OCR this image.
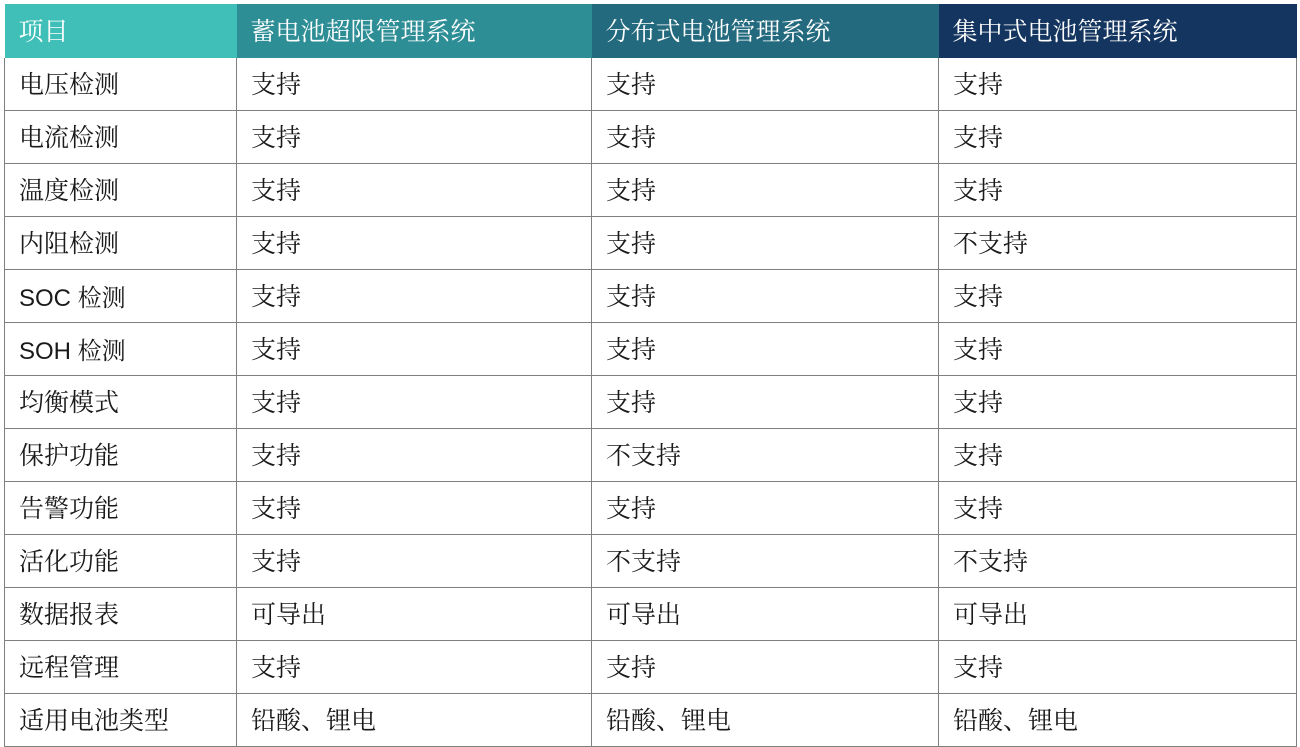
项目	蓄电池超限管理系统	分布式电池管理系统	集中式电池管理系统
电压检测	支持	支持	支持
电流检测	支持	支持	支持
温度检测	支持	支持	支持
内阻检测	支持	支持	不支持
SOC 检测	支持	支持	支持
SOH 检测	支持	支持	支持
均衡模式	支持	支持	支持
保护功能	支持	不支持	支持
告警功能	支持	支持	支持
活化功能	支持	不支持	不支持
数据报表	可导出	可导出	可导出
远程管理	支持	支持	支持
适用电池类型	铅酸、锂电	铅酸、锂电	铅酸、锂电
